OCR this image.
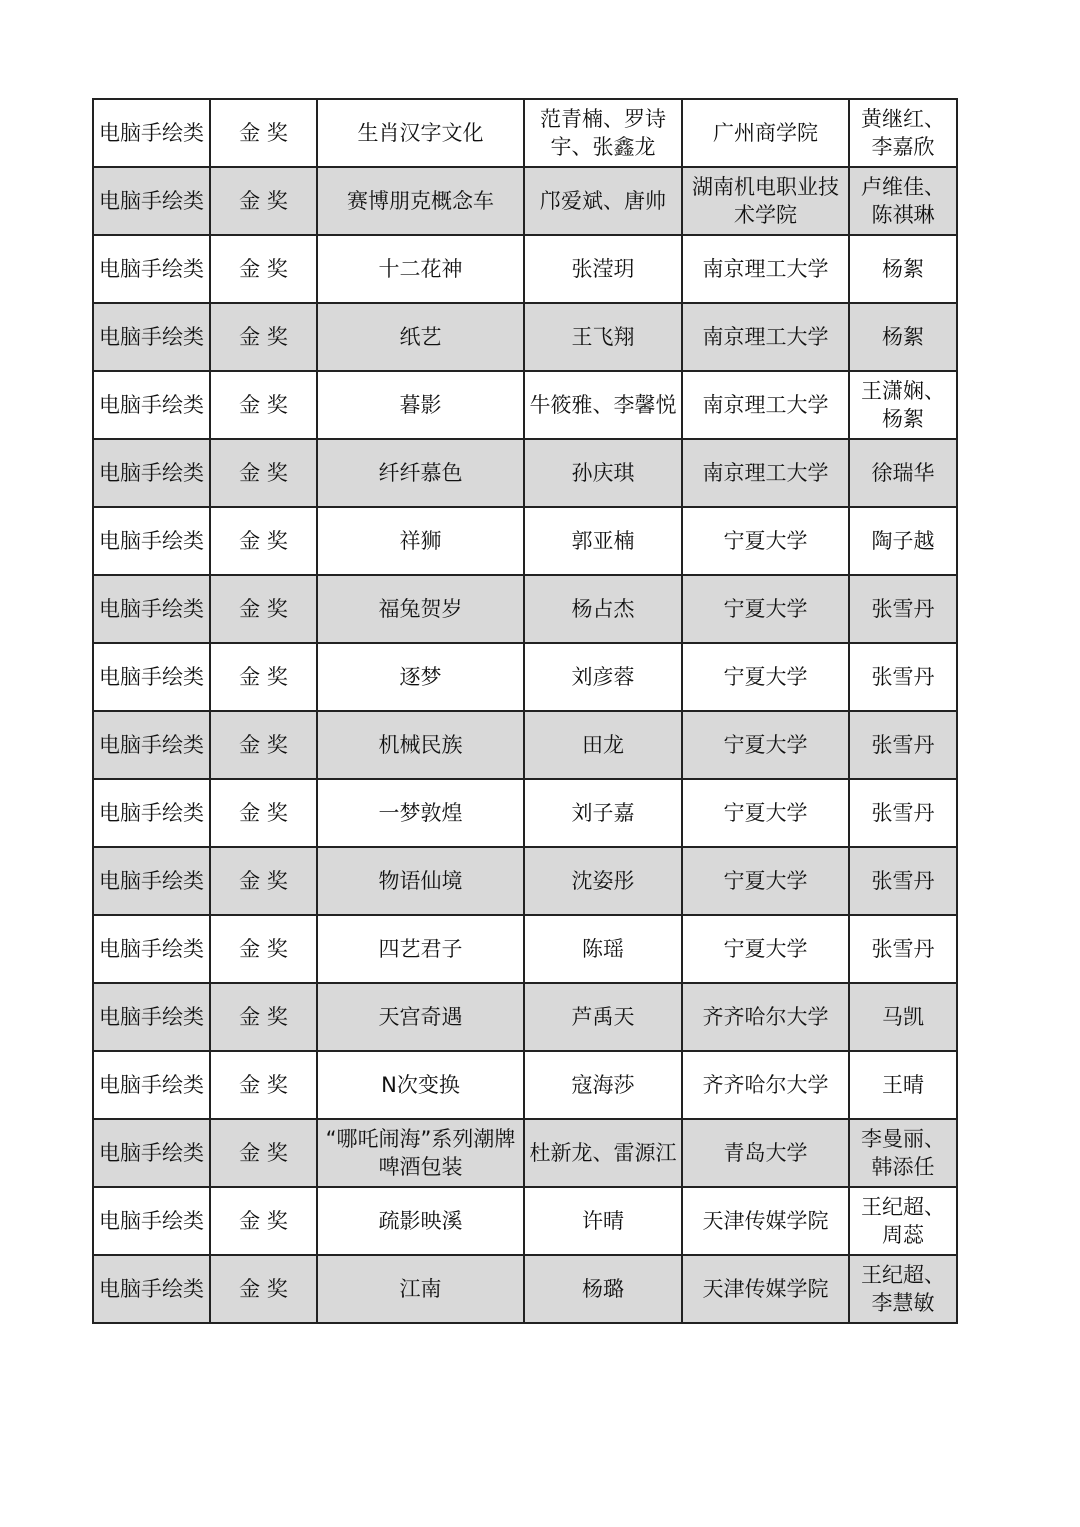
电脑手绘类	金 奖	生肖汉字文化	范青楠、罗诗宇、张鑫龙	广州商学院	黄继红、李嘉欣
电脑手绘类	金 奖	赛博朋克概念车	邝爱斌、唐帅	湖南机电职业技术学院	卢维佳、陈祺琳
电脑手绘类	金 奖	十二花神	张滢玥	南京理工大学	杨絮
电脑手绘类	金 奖	纸艺	王飞翔	南京理工大学	杨絮
电脑手绘类	金 奖	暮影	牛筱雅、李馨悦	南京理工大学	王潇娴、杨絮
电脑手绘类	金 奖	纤纤慕色	孙庆琪	南京理工大学	徐瑞华
电脑手绘类	金 奖	祥狮	郭亚楠	宁夏大学	陶子越
电脑手绘类	金 奖	福兔贺岁	杨占杰	宁夏大学	张雪丹
电脑手绘类	金 奖	逐梦	刘彦蓉	宁夏大学	张雪丹
电脑手绘类	金 奖	机械民族	田龙	宁夏大学	张雪丹
电脑手绘类	金 奖	一梦敦煌	刘子嘉	宁夏大学	张雪丹
电脑手绘类	金 奖	物语仙境	沈姿彤	宁夏大学	张雪丹
电脑手绘类	金 奖	四艺君子	陈瑶	宁夏大学	张雪丹
电脑手绘类	金 奖	天宫奇遇	芦禹天	齐齐哈尔大学	马凯
电脑手绘类	金 奖	N次变换	寇海莎	齐齐哈尔大学	王晴
电脑手绘类	金 奖	“哪吒闹海”系列潮牌啤酒包装	杜新龙、雷源江	青岛大学	李曼丽、韩添任
电脑手绘类	金 奖	疏影映溪	许晴	天津传媒学院	王纪超、周蕊
电脑手绘类	金 奖	江南	杨璐	天津传媒学院	王纪超、李慧敏
